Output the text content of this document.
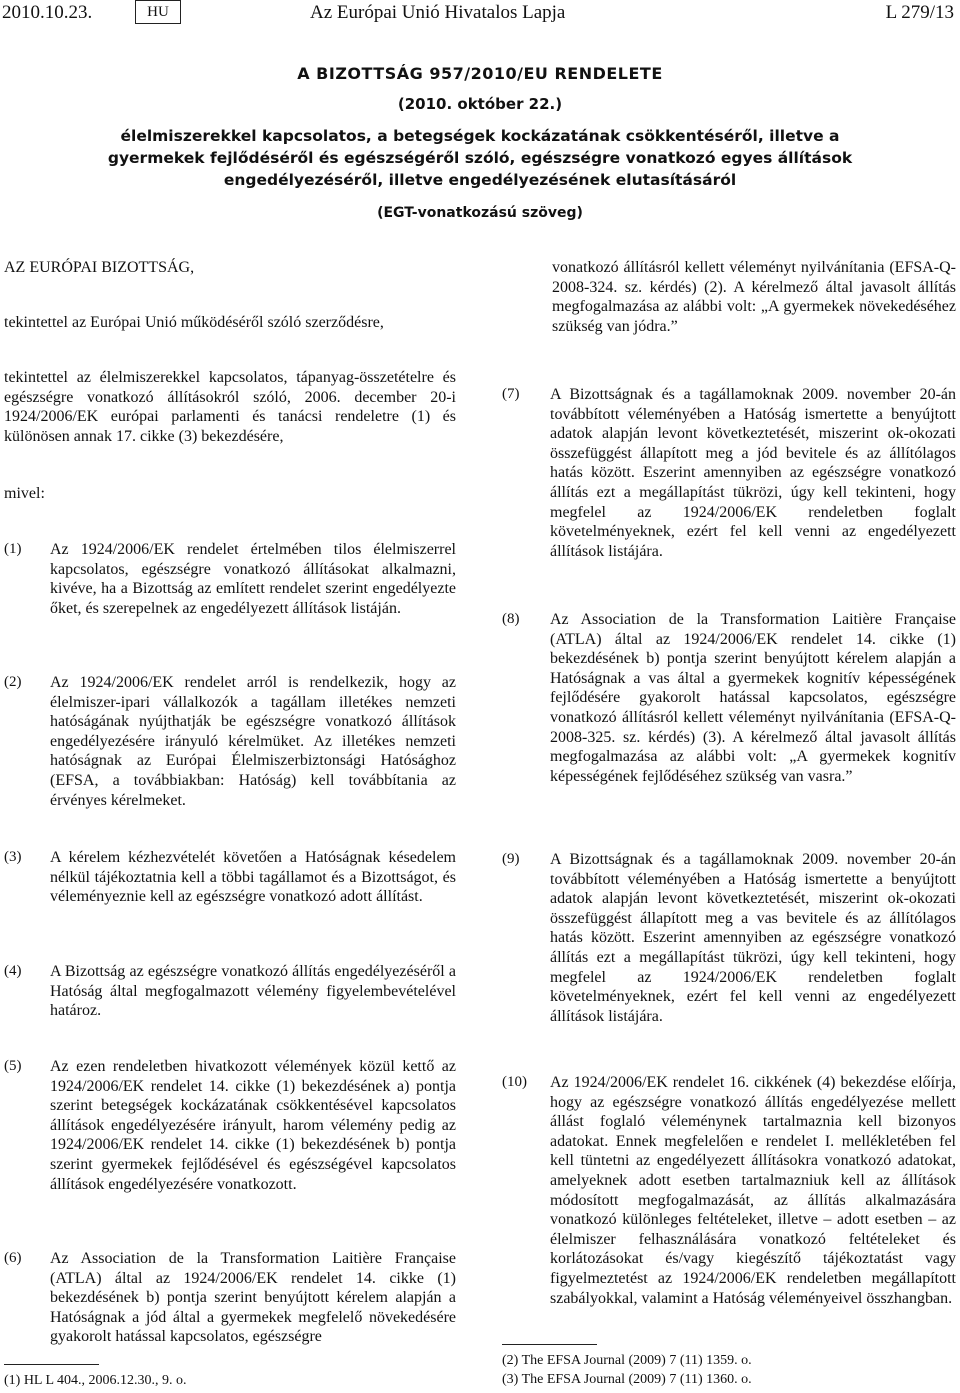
2010.10.23.	HU	Az Európai Unió Hivatalos Lapja	L 279/13
A BIZOTTSÁG 957/2010/EU RENDELETE
(2010. október 22.)
élelmiszerekkel kapcsolatos, a betegségek kockázatának csökkentéséről, illetve a gyermekek fejlődéséről és egészségéről szóló, egészségre vonatkozó egyes állítások engedélyezéséről, illetve engedélyezésének elutasításáról
(EGT-vonatkozású szöveg)
AZ EURÓPAI BIZOTTSÁG,
tekintettel az Európai Unió működéséről szóló szerződésre,
vonatkozó állításról kellett véleményt nyilvánítania (EFSA-Q-2008-324. sz. kérdés) (2). A kérelmező által javasolt állítás megfogalmazása az alábbi volt: „A gyermekek növekedéséhez szükség van jódra.”
tekintettel az élelmiszerekkel kapcsolatos, tápanyag-összetételre és egészségre vonatkozó állításokról szóló, 2006. december 20-i 1924/2006/EK európai parlamenti és tanácsi rendeletre (1) és különösen annak 17. cikke (3) bekezdésére,
mivel:
(1) Az 1924/2006/EK rendelet értelmében tilos élelmiszerrel kapcsolatos, egészségre vonatkozó állításokat alkalmazni, kivéve, ha a Bizottság az említett rendelet szerint engedélyezte őket, és szerepelnek az engedélyezett állítások listáján.
(2) Az 1924/2006/EK rendelet arról is rendelkezik, hogy az élelmiszer-ipari vállalkozók a tagállam illetékes nemzeti hatóságának nyújthatják be egészségre vonatkozó állítások engedélyezésére irányuló kérelmüket. Az illetékes nemzeti hatóságnak az Európai Élelmiszerbiztonsági Hatósághoz (EFSA, a továbbiakban: Hatóság) kell továbbítania az érvényes kérelmeket.
(3) A kérelem kézhezvételét követően a Hatóságnak késedelem nélkül tájékoztatnia kell a többi tagállamot és a Bizottságot, és véleményeznie kell az egészségre vonatkozó adott állítást.
(4) A Bizottság az egészségre vonatkozó állítás engedélyezéséről a Hatóság által megfogalmazott vélemény figyelembevételével határoz.
(5) Az ezen rendeletben hivatkozott vélemények közül kettő az 1924/2006/EK rendelet 14. cikke (1) bekezdésének a) pontja szerint betegségek kockázatának csökkentésével kapcsolatos állítások engedélyezésére irányult, harom vélemény pedig az 1924/2006/EK rendelet 14. cikke (1) bekezdésének b) pontja szerint gyermekek fejlődésével és egészségével kapcsolatos állítások engedélyezésére vonatkozott.
(6) Az Association de la Transformation Laitière Française (ATLA) által az 1924/2006/EK rendelet 14. cikke (1) bekezdésének b) pontja szerint benyújtott kérelem alapján a Hatóságnak a jód által a gyermekek megfelelő növekedésére gyakorolt hatással kapcsolatos, egészségre
(7) A Bizottságnak és a tagállamoknak 2009. november 20-án továbbított véleményében a Hatóság ismertette a benyújtott adatok alapján levont következtetését, miszerint ok-okozati összefüggést állapított meg a jód bevitele és az állítólagos hatás között. Eszerint amennyiben az egészségre vonatkozó állítás ezt a megállapítást tükrözi, úgy kell tekinteni, hogy megfelel az 1924/2006/EK rendeletben foglalt követelményeknek, ezért fel kell venni az engedélyezett állítások listájára.
(8) Az Association de la Transformation Laitière Française (ATLA) által az 1924/2006/EK rendelet 14. cikke (1) bekezdésének b) pontja szerint benyújtott kérelem alapján a Hatóságnak a vas által a gyermekek kognitív képességének fejlődésére gyakorolt hatással kapcsolatos, egészségre vonatkozó állításról kellett véleményt nyilvánítania (EFSA-Q-2008-325. sz. kérdés) (3). A kérelmező által javasolt állítás megfogalmazása az alábbi volt: „A gyermekek kognitív képességének fejlődéséhez szükség van vasra.”
(9) A Bizottságnak és a tagállamoknak 2009. november 20-án továbbított véleményében a Hatóság ismertette a benyújtott adatok alapján levont következtetését, miszerint ok-okozati összefüggést állapított meg a vas bevitele és az állítólagos hatás között. Eszerint amennyiben az egészségre vonatkozó állítás ezt a megállapítást tükrözi, úgy kell tekinteni, hogy megfelel az 1924/2006/EK rendeletben foglalt követelményeknek, ezért fel kell venni az engedélyezett állítások listájára.
(10) Az 1924/2006/EK rendelet 16. cikkének (4) bekezdése előírja, hogy az egészségre vonatkozó állítás engedélyezése mellett állást foglaló véleménynek tartalmaznia kell bizonyos adatokat. Ennek megfelelően e rendelet I. mellékletében fel kell tüntetni az engedélyezett állításokra vonatkozó adatokat, amelyeknek adott esetben tartalmazniuk kell az állítások módosított megfogalmazását, az állítás alkalmazására vonatkozó különleges feltételeket, illetve – adott esetben – az élelmiszer felhasználására vonatkozó feltételeket és korlátozásokat és/vagy kiegészítő tájékoztatást vagy figyelmeztetést az 1924/2006/EK rendeletben megállapított szabályokkal, valamint a Hatóság véleményeivel összhangban.
(1) HL L 404., 2006.12.30., 9. o.
(2) The EFSA Journal (2009) 7 (11) 1359. o.
(3) The EFSA Journal (2009) 7 (11) 1360. o.
